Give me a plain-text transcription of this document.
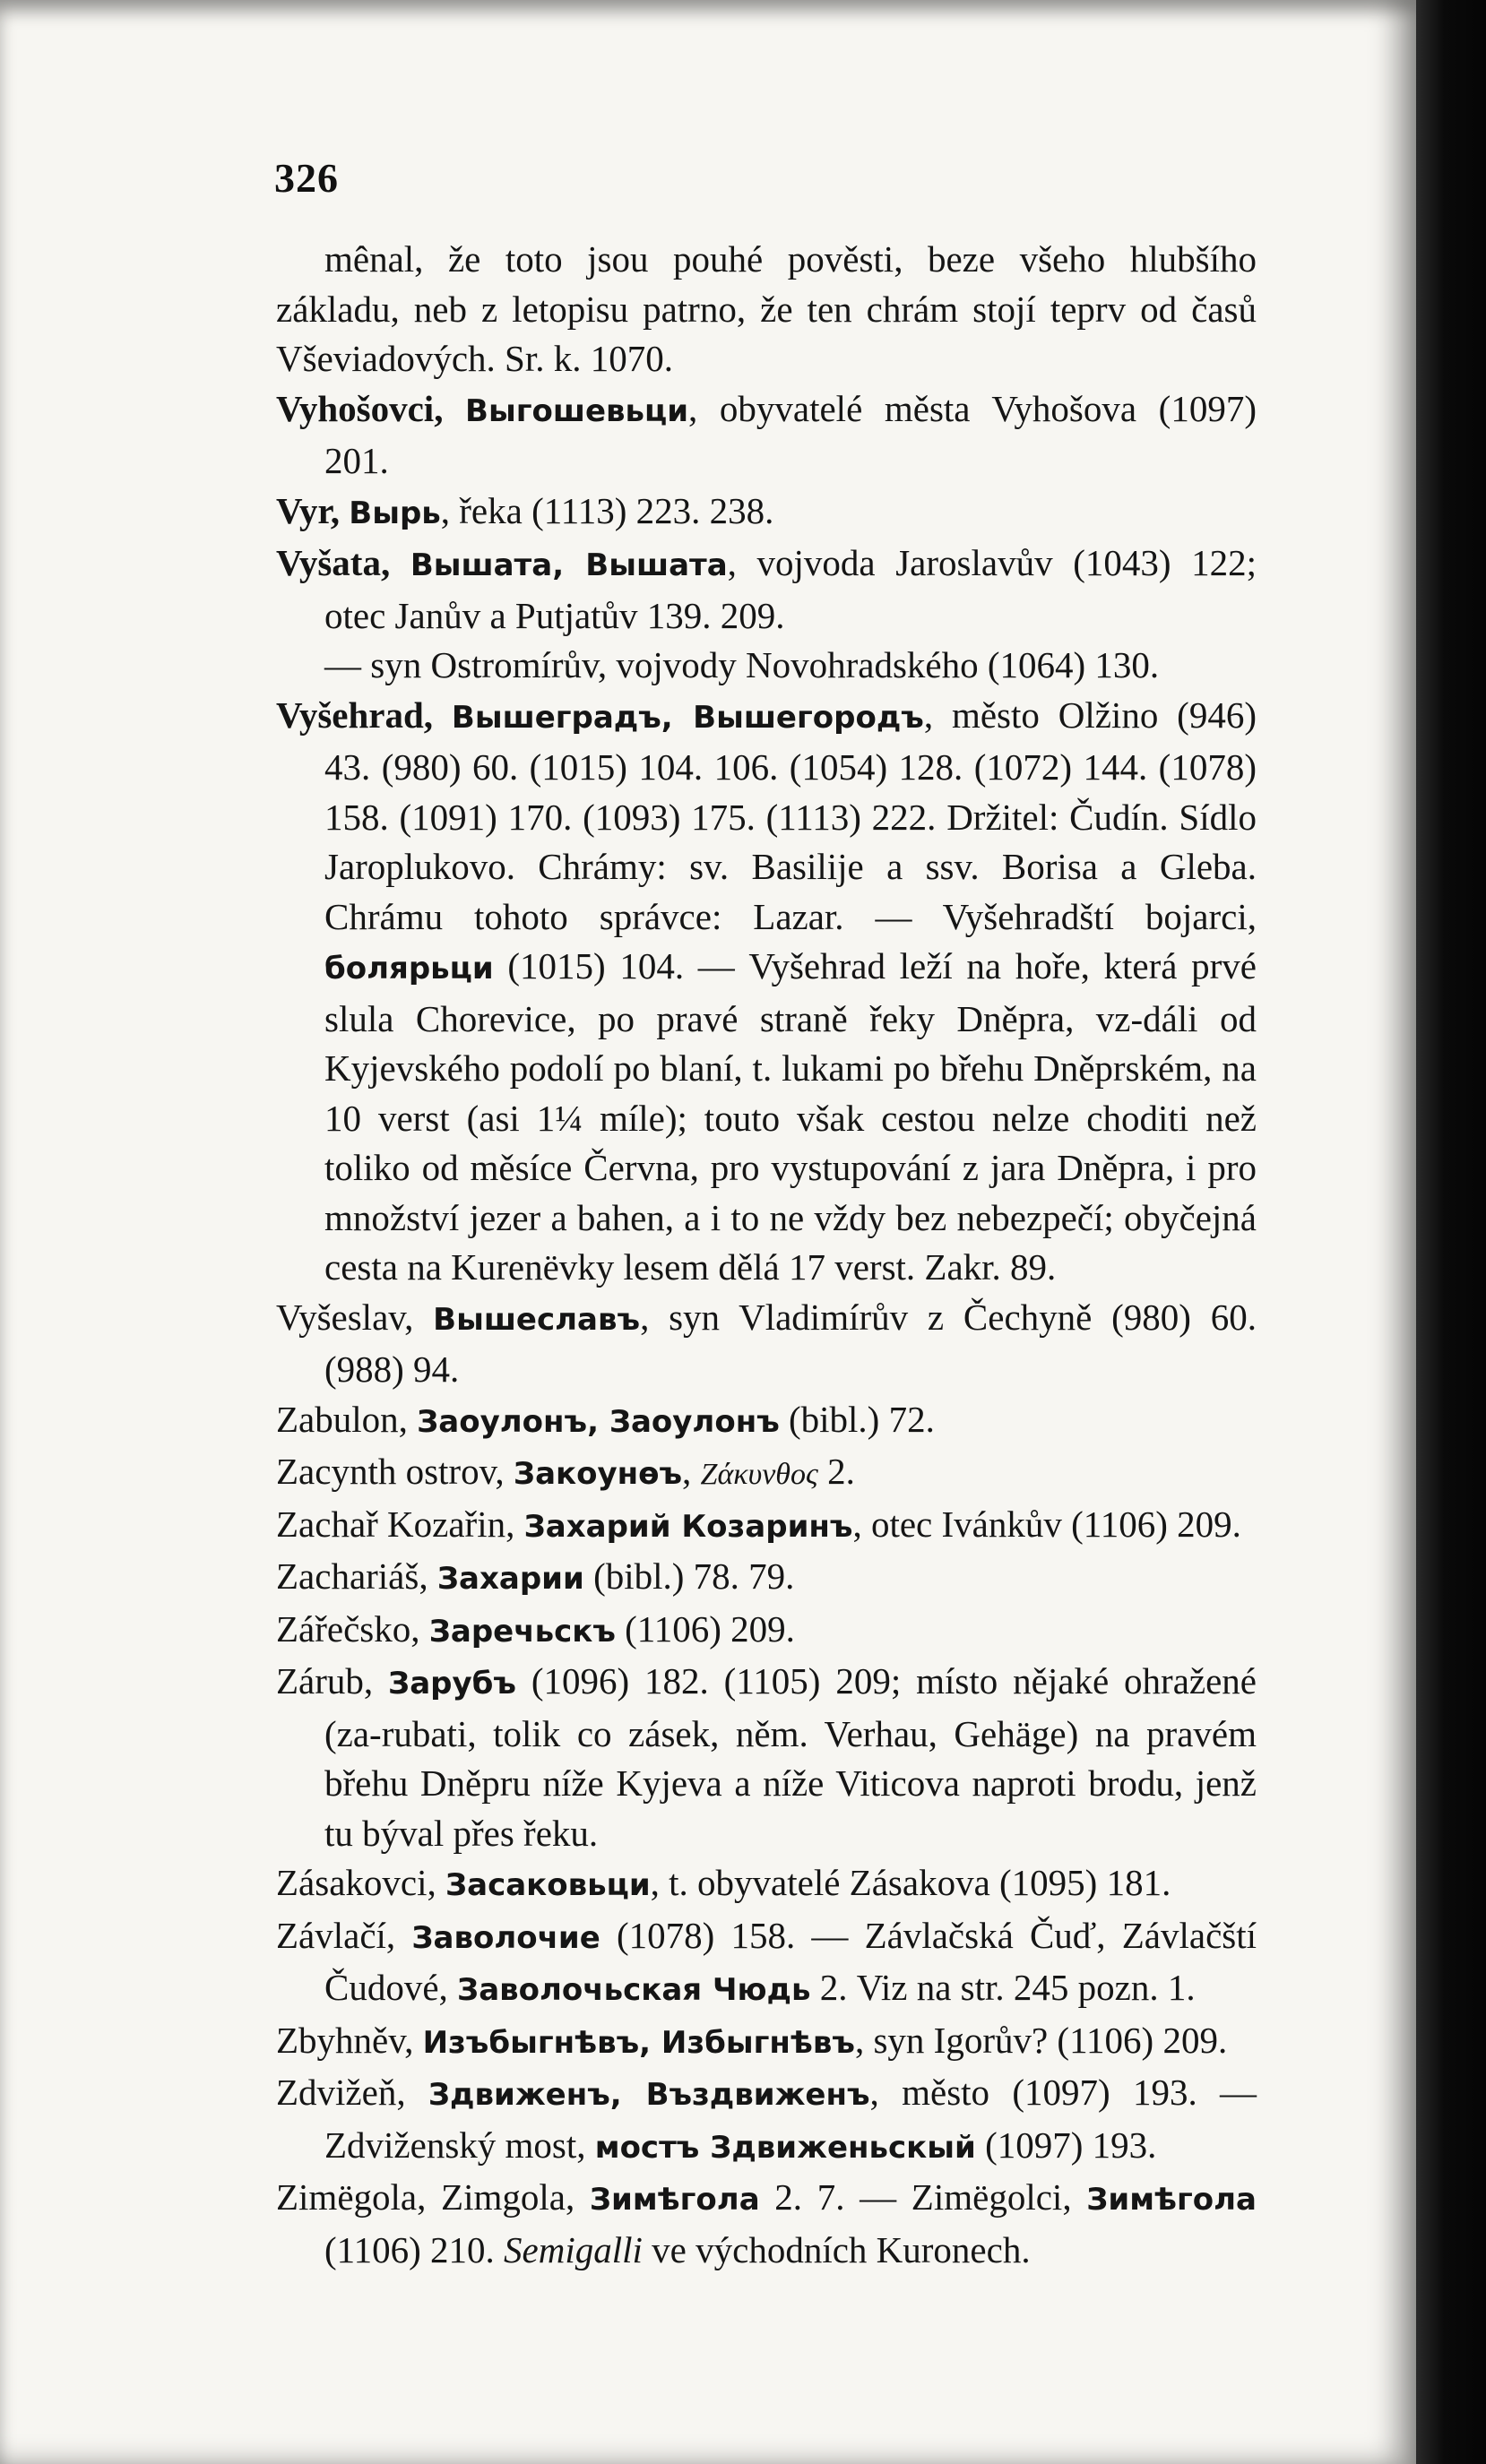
326

mênal, že toto jsou pouhé pověsti, beze všeho hlubšího základu, neb z letopisu patrno, že ten chrám stojí teprv od časů Vševiadových. Sr. k. 1070.

Vyhošovci, Выгошевьци, obyvatelé města Vyhošova (1097) 201.

Vyr, Вырь, řeka (1113) 223. 238.

Vyšata, Вышата, Вышата, vojvoda Jaroslavův (1043) 122; otec Janův a Putjatův 139. 209.

— syn Ostromírův, vojvody Novohradského (1064) 130.

Vyšehrad, Вышеградъ, Вышегородъ, město Olžino (946) 43. (980) 60. (1015) 104. 106. (1054) 128. (1072) 144. (1078) 158. (1091) 170. (1093) 175. (1113) 222. Držitel: Čudín. Sídlo Jaroplukovo. Chrámy: sv. Basilije a ssv. Borisa a Gleba. Chrámu tohoto správce: Lazar. — Vyšehradští bojarci, болярьци (1015) 104. — Vyšehrad leží na hoře, která prvé slula Chorevice, po pravé straně řeky Dněpra, vz-dáli od Kyjevského podolí po blaní, t. lukami po břehu Dněprském, na 10 verst (asi 1¼ míle); touto však cestou nelze choditi než toliko od měsíce Června, pro vystupování z jara Dněpra, i pro množství jezer a bahen, a i to ne vždy bez nebezpečí; obyčejná cesta na Kurenëvky lesem dělá 17 verst. Zakr. 89.

Vyšeslav, Вышеславъ, syn Vladimírův z Čechyně (980) 60. (988) 94.

Zabulon, Заоулонъ, Заоулонъ (bibl.) 72.

Zacynth ostrov, Закоунѳъ, Ζάκυνθος 2.

Zachař Kozařin, Захарий Козаринъ, otec Ivánkův (1106) 209.

Zachariáš, Захарии (bibl.) 78. 79.

Zářečsko, Заречьскъ (1106) 209.

Zárub, Зарубъ (1096) 182. (1105) 209; místo nějaké ohražené (za-rubati, tolik co zásek, něm. Verhau, Gehäge) na pravém břehu Dněpru níže Kyjeva a níže Viticova naproti brodu, jenž tu býval přes řeku.

Zásakovci, Засаковьци, t. obyvatelé Zásakova (1095) 181.

Závlačí, Заволочие (1078) 158. — Závlačská Čuď, Závlačští Čudové, Заволочьская Чюдь 2. Viz na str. 245 pozn. 1.

Zbyhněv, Изъбыгнѣвъ, Избыгнѣвъ, syn Igorův? (1106) 209.

Zdvižeň, Здвиженъ, Въздвиженъ, město (1097) 193. — Zdviženský most, мостъ Здвиженьскый (1097) 193.

Zimëgola, Zimgola, Зимѣгола 2. 7. — Zimëgolci, Зимѣгола (1106) 210. Semigalli ve východních Kuronech.
